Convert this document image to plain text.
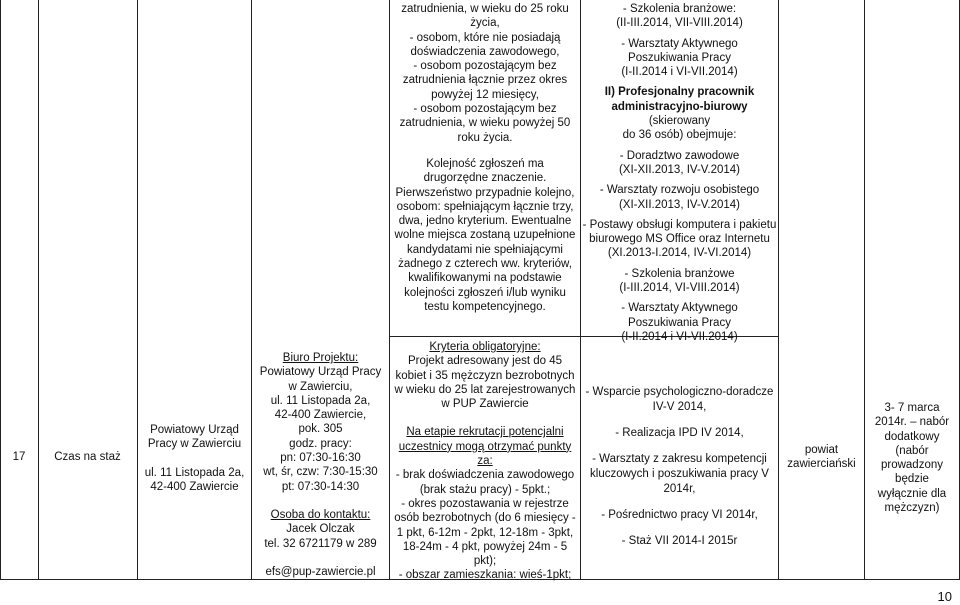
17	Czas na staż

Powiatowy Urząd

Pracy w Zawierciu

ul. 11 Listopada 2a,

42-400 Zawiercie

Biuro Projektu:

Powiatowy Urząd Pracy

w Zawierciu,

ul. 11 Listopada 2a,

42-400 Zawiercie,

pok. 305

godz. pracy:

pn: 07:30-16:30

wt, śr, czw: 7:30-15:30

pt: 07:30-14:30

Osoba do kontaktu:

Jacek Olczak

tel. 32 6721179 w 289

efs@pup-zawiercie.pl

zatrudnienia, w wieku do 25 roku

życia,

- osobom, które nie posiadają

doświadczenia zawodowego,

- osobom pozostającym bez

zatrudnienia łącznie przez okres

powyżej 12 miesięcy,

- osobom pozostającym bez

zatrudnienia, w wieku powyżej 50

roku życia.

Kolejność zgłoszeń ma

drugorzędne znaczenie.

Pierwszeństwo przypadnie kolejno,

osobom: spełniającym łącznie trzy,

dwa, jedno kryterium. Ewentualne

wolne miejsca zostaną uzupełnione

kandydatami nie spełniającymi

żadnego z czterech ww. kryteriów,

kwalifikowanymi na podstawie

kolejności zgłoszeń i/lub wyniku

testu kompetencyjnego.

Kryteria obligatoryjne:

Projekt adresowany jest do 45

kobiet i 35 mężczyzn bezrobotnych

w wieku do 25 lat zarejestrowanych

w PUP Zawiercie

Na etapie rekrutacji potencjalni

uczestnicy mogą otrzymać punkty

za:

- brak doświadczenia zawodowego

(brak stażu pracy) - 5pkt.;

- okres pozostawania w rejestrze

osób bezrobotnych (do 6 miesięcy -

1 pkt, 6-12m - 2pkt, 12-18m - 3pkt,

18-24m - 4 pkt, powyżej 24m - 5

pkt);

- obszar zamieszkania: wieś-1pkt;

- Szkolenia branżowe:

(II-III.2014, VII-VIII.2014)

- Warsztaty Aktywnego

Poszukiwania Pracy

(I-II.2014 i VI-VII.2014)

II) Profesjonalny pracownik

administracyjno-biurowy (skierowany

do 36 osób) obejmuje:

- Doradztwo zawodowe

(XI-XII.2013, IV-V.2014)

- Warsztaty rozwoju osobistego

(XI-XII.2013, IV-V.2014)

- Postawy obsługi komputera i pakietu

biurowego MS Office oraz Internetu

(XI.2013-I.2014, IV-VI.2014)

- Szkolenia branżowe

(I-III.2014, VI-VIII.2014)

- Warsztaty Aktywnego

Poszukiwania Pracy

(I-II.2014 i VI-VII.2014)

- Wsparcie psychologiczno-doradcze

IV-V 2014,

- Realizacja IPD IV 2014,

- Warsztaty z zakresu kompetencji

kluczowych i poszukiwania pracy V

2014r,

- Pośrednictwo pracy VI 2014r,

- Staż VII 2014-I 2015r

powiat

zawierciański

3- 7 marca

2014r. – nabór

dodatkowy

(nabór

prowadzony

będzie

wyłącznie dla

mężczyzn)

10
